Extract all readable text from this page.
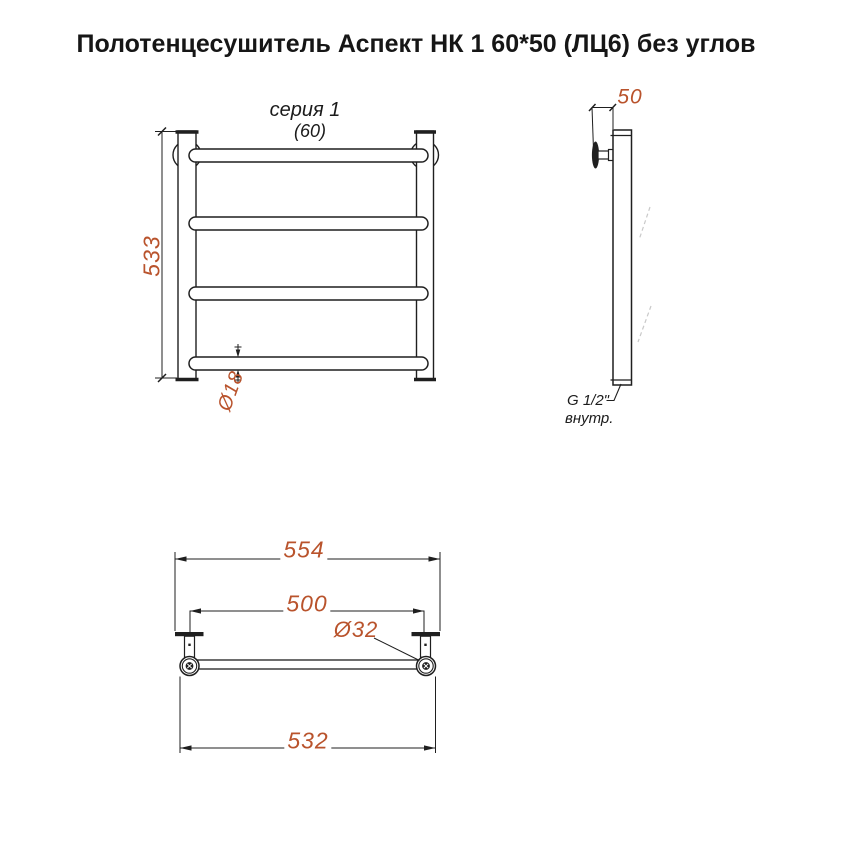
Полотенцесушитель Аспект НК 1 60*50 (ЛЦ6) без углов
серия 1
(60)
533
Ø18
50
G 1/2"
внутр.
554
500
Ø32
532
